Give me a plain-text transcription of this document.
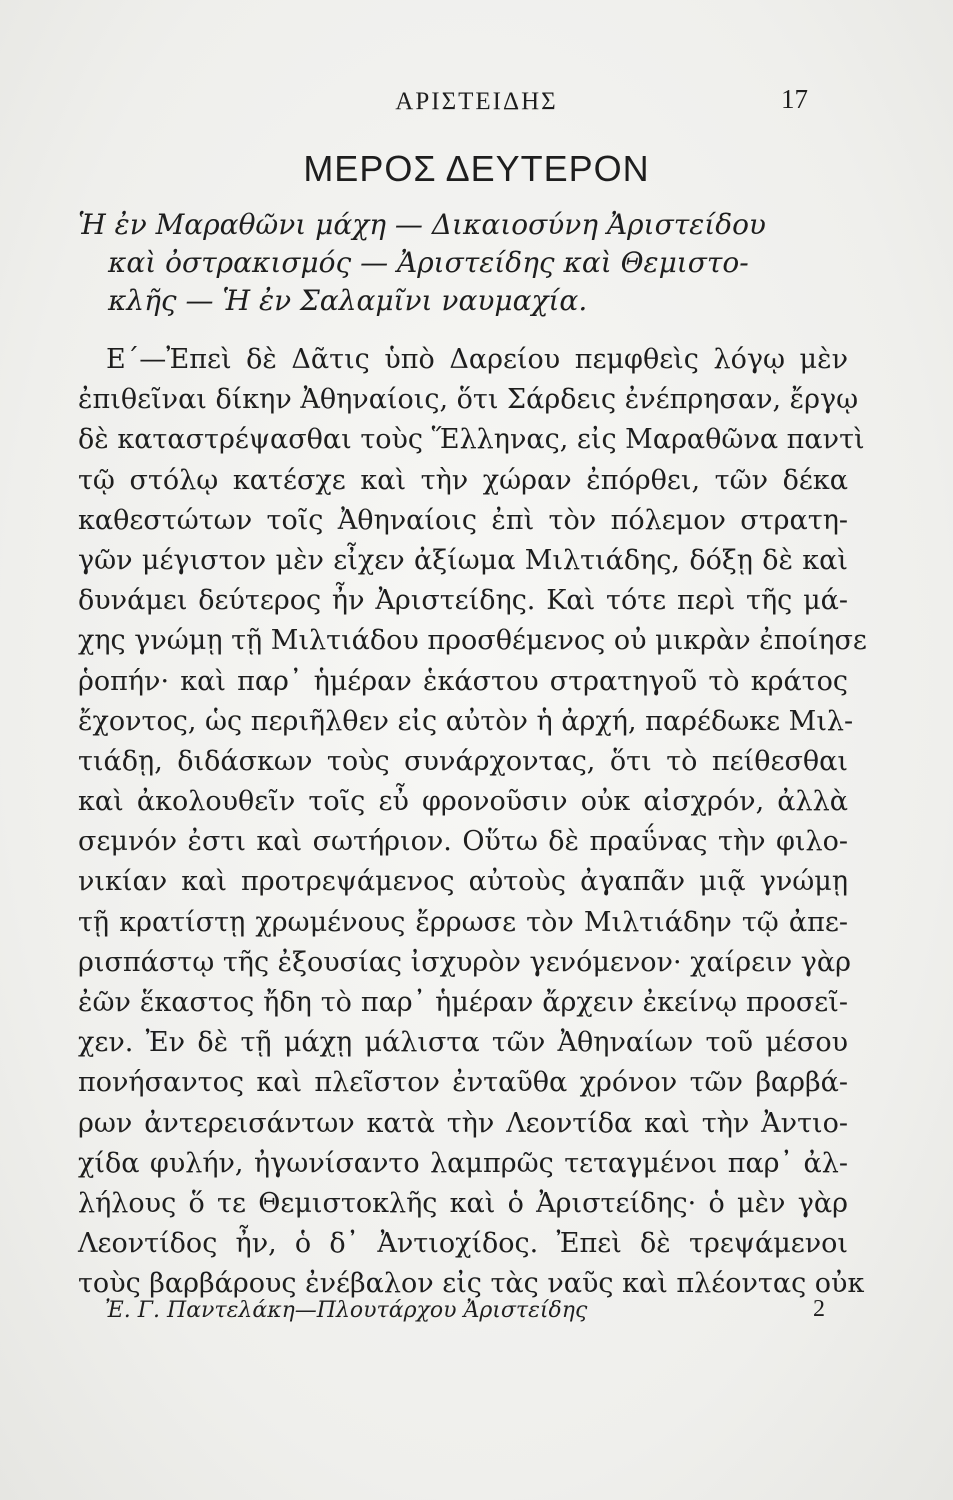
ΑΡΙΣΤΕΙΔΗΣ	17
ΜΕΡΟΣ ΔΕΥΤΕΡΟΝ
Ἡ ἐν Μαραθῶνι μάχη — Δικαιοσύνη Ἀριστείδου
καὶ ὀστρακισμός — Ἀριστείδης καὶ Θεμιστο-
κλῆς — Ἡ ἐν Σαλαμῖνι ναυμαχία.
Ε΄—Ἐπεὶ δὲ Δᾶτις ὑπὸ Δαρείου πεμφθεὶς λόγῳ μὲν
ἐπιθεῖναι δίκην Ἀθηναίοις, ὅτι Σάρδεις ἐνέπρησαν, ἔργῳ
δὲ καταστρέψασθαι τοὺς Ἕλληνας, εἰς Μαραθῶνα παντὶ
τῷ στόλῳ κατέσχε καὶ τὴν χώραν ἐπόρθει, τῶν δέκα
καθεστώτων τοῖς Ἀθηναίοις ἐπὶ τὸν πόλεμον στρατη-
γῶν μέγιστον μὲν εἶχεν ἀξίωμα Μιλτιάδης, δόξῃ δὲ καὶ
δυνάμει δεύτερος ἦν Ἀριστείδης. Καὶ τότε περὶ τῆς μά-
χης γνώμῃ τῇ Μιλτιάδου προσθέμενος οὐ μικρὰν ἐποίησε
ῥοπήν· καὶ παρ᾽ ἡμέραν ἑκάστου στρατηγοῦ τὸ κράτος
ἔχοντος, ὡς περιῆλθεν εἰς αὐτὸν ἡ ἀρχή, παρέδωκε Μιλ-
τιάδῃ, διδάσκων τοὺς συνάρχοντας, ὅτι τὸ πείθεσθαι
καὶ ἀκολουθεῖν τοῖς εὖ φρονοῦσιν οὐκ αἰσχρόν, ἀλλὰ
σεμνόν ἐστι καὶ σωτήριον. Οὕτω δὲ πραΰνας τὴν φιλο-
νικίαν καὶ προτρεψάμενος αὐτοὺς ἀγαπᾶν μιᾷ γνώμῃ
τῇ κρατίστῃ χρωμένους ἔρρωσε τὸν Μιλτιάδην τῷ ἀπε-
ρισπάστῳ τῆς ἐξουσίας ἰσχυρὸν γενόμενον· χαίρειν γὰρ
ἐῶν ἕκαστος ἤδη τὸ παρ᾽ ἡμέραν ἄρχειν ἐκείνῳ προσεῖ-
χεν. Ἐν δὲ τῇ μάχῃ μάλιστα τῶν Ἀθηναίων τοῦ μέσου
πονήσαντος καὶ πλεῖστον ἐνταῦθα χρόνον τῶν βαρβά-
ρων ἀντερεισάντων κατὰ τὴν Λεοντίδα καὶ τὴν Ἀντιο-
χίδα φυλήν, ἠγωνίσαντο λαμπρῶς τεταγμένοι παρ᾽ ἀλ-
λήλους ὅ τε Θεμιστοκλῆς καὶ ὁ Ἀριστείδης· ὁ μὲν γὰρ
Λεοντίδος ἦν, ὁ δ᾽ Ἀντιοχίδος. Ἐπεὶ δὲ τρεψάμενοι
τοὺς βαρβάρους ἐνέβαλον εἰς τὰς ναῦς καὶ πλέοντας οὐκ
Ἐ. Γ. Παντελάκη—Πλουτάρχου Ἀριστείδης	2
